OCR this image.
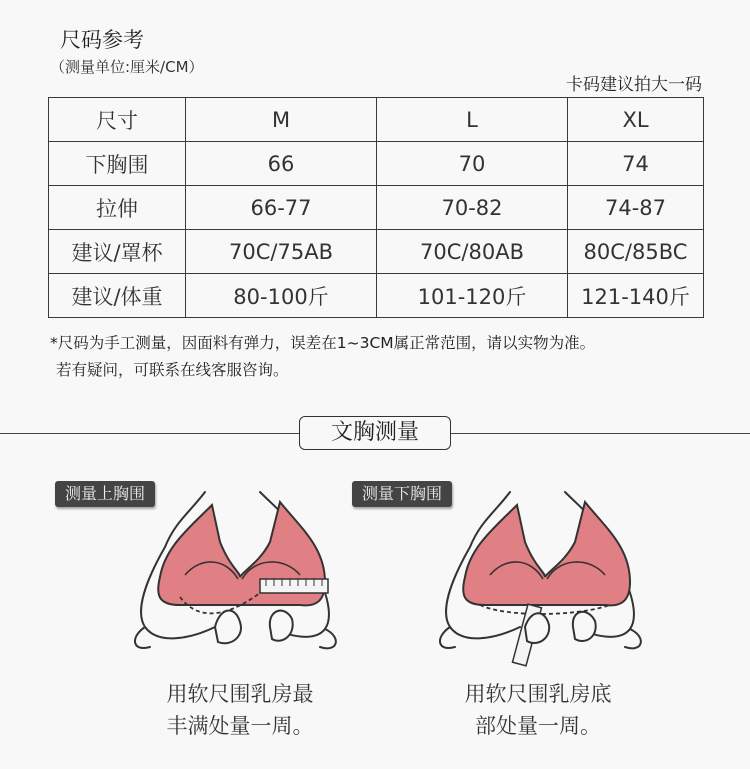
尺码参考
（测量单位:厘米/CM）
卡码建议拍大一码
尺寸	M	L	XL
下胸围	66	70	74
拉伸	66-77	70-82	74-87
建议/罩杯	70C/75AB	70C/80AB	80C/85BC
建议/体重	80-100斤	101-120斤	121-140斤
*尺码为手工测量，因面料有弹力，误差在1~3CM属正常范围，请以实物为准。
若有疑问，可联系在线客服咨询。
文胸测量
测量上胸围	测量下胸围
用软尺围乳房最
丰满处量一周。
用软尺围乳房底
部处量一周。
